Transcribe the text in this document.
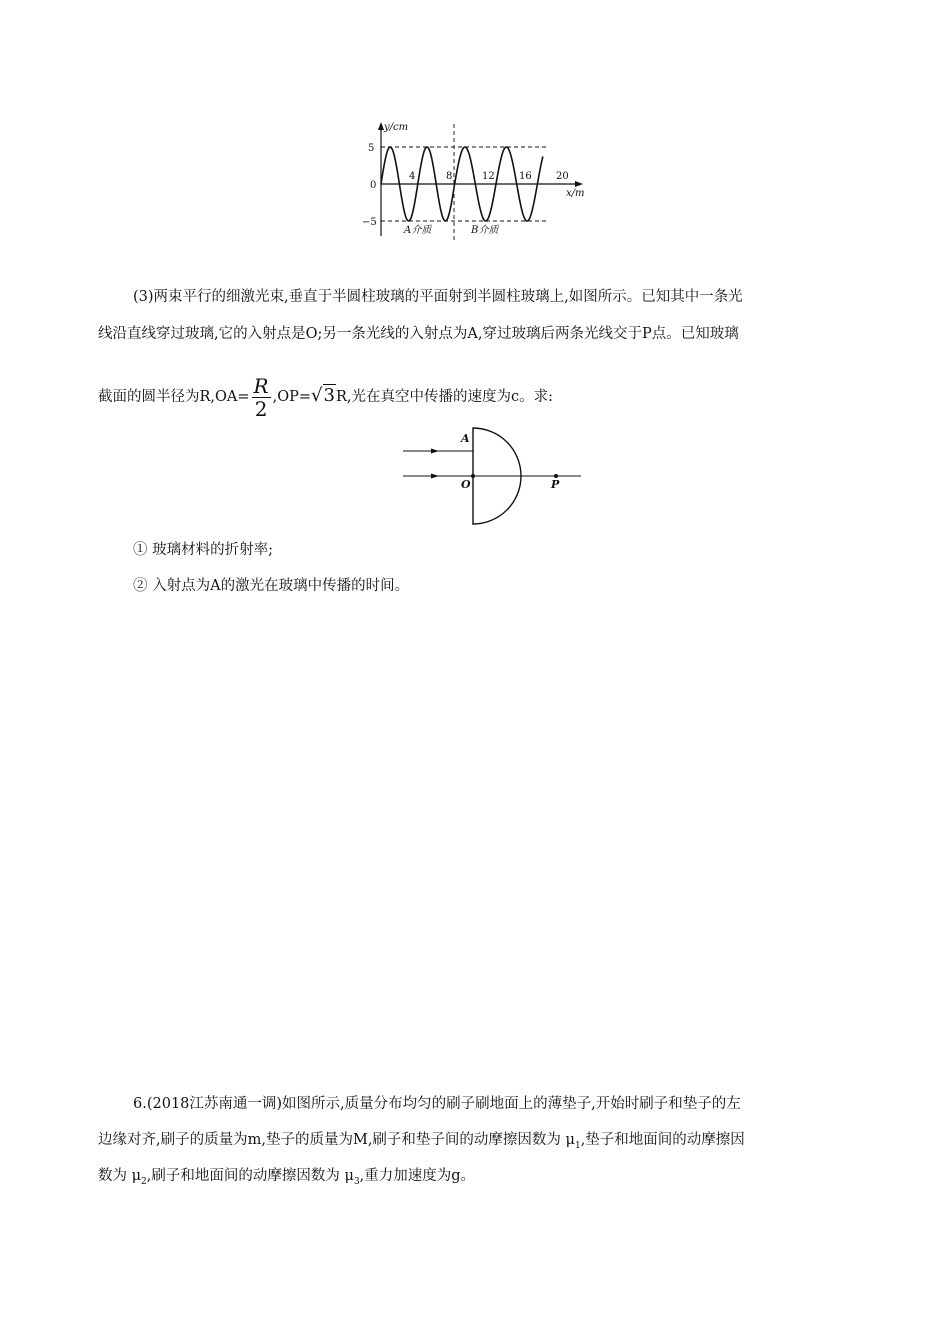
y/cm
x/m
5
0
−5
4	8	12 16 20
A介质	B介质
(3)两束平行的细激光束,垂直于半圆柱玻璃的平面射到半圆柱玻璃上,如图所示。已知其中一条光
线沿直线穿过玻璃,它的入射点是O;另一条光线的入射点为A,穿过玻璃后两条光线交于P点。已知玻璃
截面的圆半径为$R,OA= \frac{R}{2} ,OP=√3R$,光在真空中传播的速度为c。求:
A
O	P
① 玻璃材料的折射率;
② 入射点为A的激光在玻璃中传播的时间。
6.(2018江苏南通一调)如图所示,质量分布均匀的刷子刷地面上的薄垫子,开始时刷子和垫子的左
边缘对齐,刷子的质量为m,垫子的质量为M,刷子和垫子间的动摩擦因数为 $\mu_1$,垫子和地面间的动摩擦因
数为 $\mu_2$,刷子和地面间的动摩擦因数为 $\mu_3$,重力加速度为g。
